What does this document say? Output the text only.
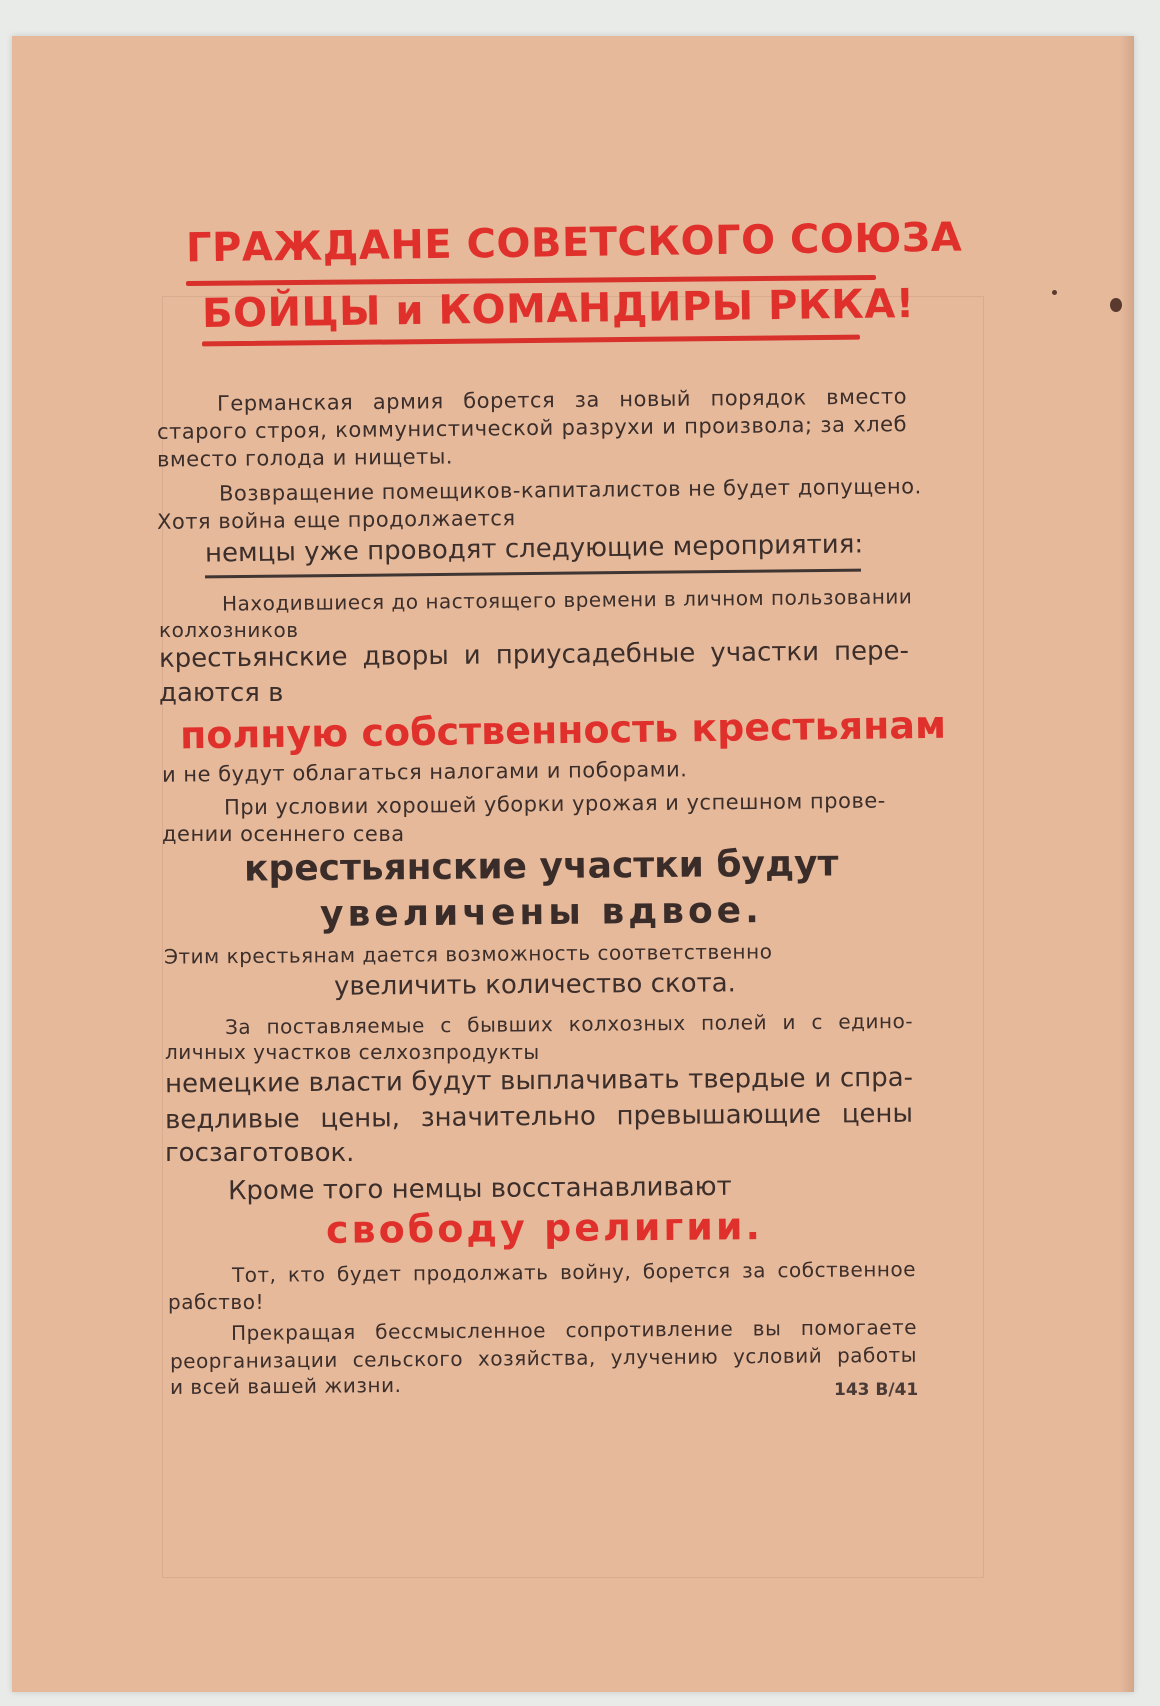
ГРАЖДАНЕ СОВЕТСКОГО СОЮЗА
БОЙЦЫ и КОМАНДИРЫ РККА!
Германская армия борется за новый порядок вместо
старого строя, коммунистической разрухи и произвола; за хлеб
вместо голода и нищеты.
Возвращение помещиков-капиталистов не будет допущено.
Хотя война еще продолжается
немцы уже проводят следующие мероприятия:
Находившиеся до настоящего времени в личном пользовании
колхозников
крестьянские дворы и приусадебные участки пере-
даются в
полную собственность крестьянам
и не будут облагаться налогами и поборами.
При условии хорошей уборки урожая и успешном прове-
дении осеннего сева
крестьянские участки будут
увеличены вдвое.
Этим крестьянам дается возможность соответственно
увеличить количество скота.
За поставляемые с бывших колхозных полей и с едино-
личных участков селхозпродукты
немецкие власти будут выплачивать твердые и спра-
ведливые цены, значительно превышающие цены
госзаготовок.
Кроме того немцы восстанавливают
свободу религии.
Тот, кто будет продолжать войну, борется за собственное
рабство!
Прекращая бессмысленное сопротивление вы помогаете
реорганизации сельского хозяйства, улучению условий работы
и всей вашей жизни.	143 B/41
